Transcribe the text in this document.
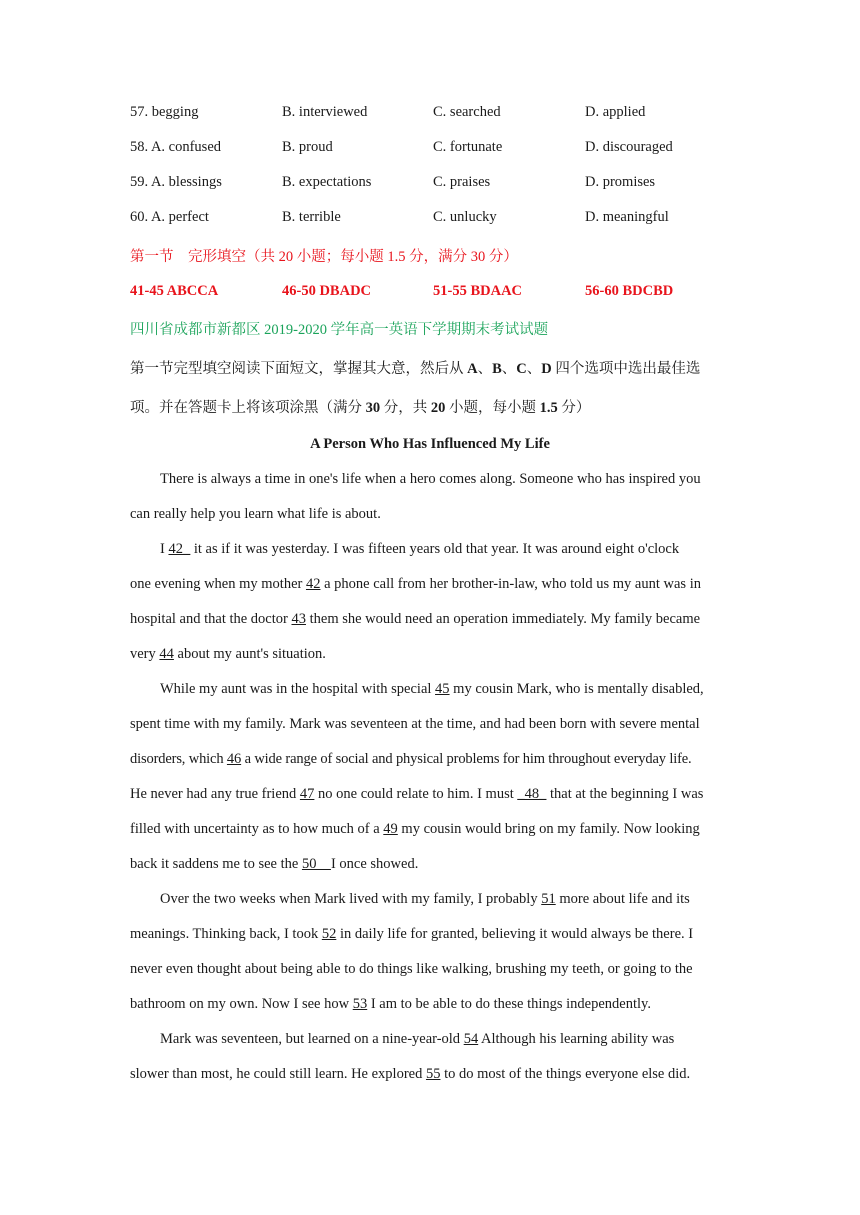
57. begging	B. interviewed	C. searched	D. applied
58. A. confused	B. proud	C. fortunate	D. discouraged
59. A. blessings	B. expectations	C. praises	D. promises
60. A. perfect	B. terrible	C. unlucky	D. meaningful
第一节　完形填空（共 20 小题；每小题 1.5 分，满分 30 分）
41-45 ABCCA	46-50 DBADC	51-55 BDAAC	56-60 BDCBD
四川省成都市新都区 2019-2020 学年高一英语下学期期末考试试题
第一节完型填空阅读下面短文，掌握其大意，然后从 A、B、C、D 四个选项中选出最佳选
项。并在答题卡上将该项涂黑（满分 30 分，共 20 小题，每小题 1.5 分）
A Person Who Has Influenced My Life
There is always a time in one's life when a hero comes along. Someone who has inspired you
can really help you learn what life is about.
I 42_ it as if it was yesterday. I was fifteen years old that year. It was around eight o'clock
one evening when my mother 42 a phone call from her brother-in-law, who told us my aunt was in
hospital and that the doctor 43 them she would need an operation immediately. My family became
very 44 about my aunt's situation.
While my aunt was in the hospital with special 45 my cousin Mark, who is mentally disabled,
spent time with my family. Mark was seventeen at the time, and had been born with severe mental
disorders, which 46 a wide range of social and physical problems for him throughout everyday life.
He never had any true friend 47 no one could relate to him. I must _48_ that at the beginning I was
filled with uncertainty as to how much of a 49 my cousin would bring on my family. Now looking
back it saddens me to see the 50    I once showed.
Over the two weeks when Mark lived with my family, I probably 51 more about life and its
meanings. Thinking back, I took 52 in daily life for granted, believing it would always be there. I
never even thought about being able to do things like walking, brushing my teeth, or going to the
bathroom on my own. Now I see how 53 I am to be able to do these things independently.
Mark was seventeen, but learned on a nine-year-old 54 Although his learning ability was
slower than most, he could still learn. He explored 55 to do most of the things everyone else did.
